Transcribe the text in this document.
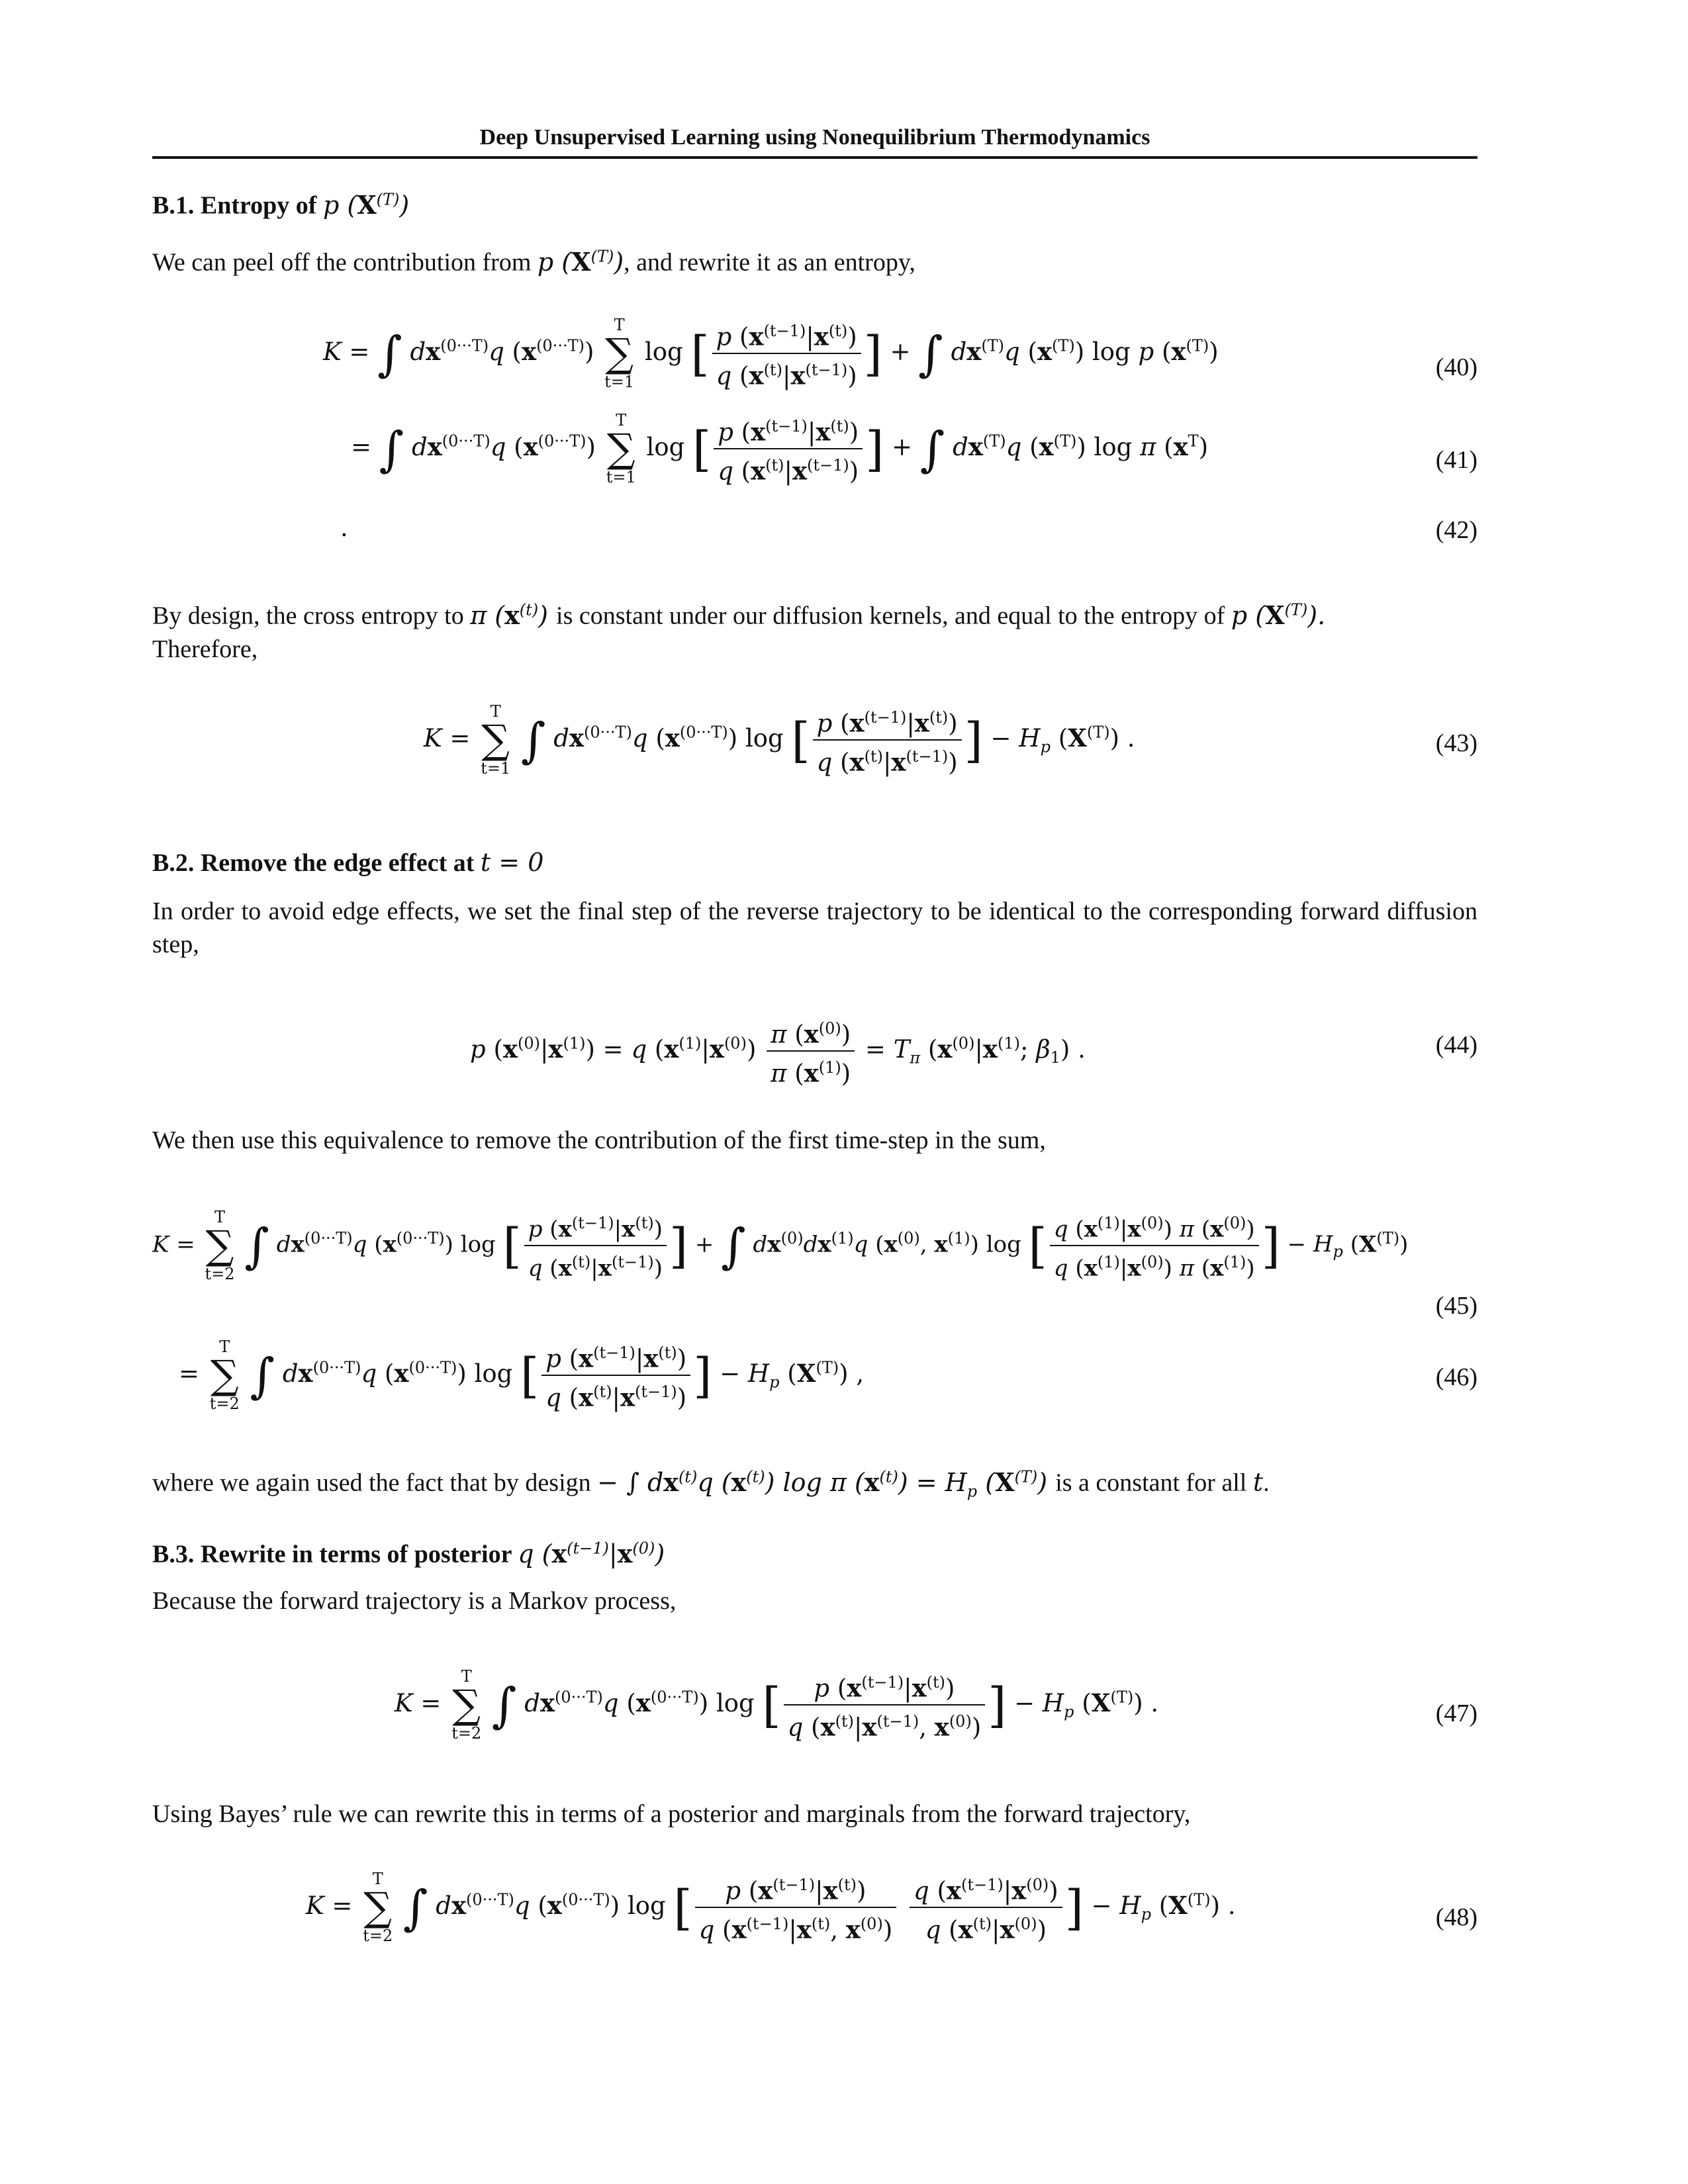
Deep Unsupervised Learning using Nonequilibrium Thermodynamics
B.1. Entropy of p $(X^{(T)})$
We can peel off the contribution from p $(X^{(T)})$, and rewrite it as an entropy,
K = ∫ $dx^{(0\cdot\cdot\cdot T)}q$ $(x^{(0\cdot\cdot\cdot T)})$ T
∑
t=1 log [ $\frac{p (x^{(t-1)}|x^{(t)})}{q (x^{(t)}|x^{(t-1)})}$ ] + ∫ $dx^{(T)}q$ $(x^{(T)})$ log p $(x^{(T)})$
(40)
= ∫ $dx^{(0\cdot\cdot\cdot T)}q$ $(x^{(0\cdot\cdot\cdot T)})$ T
∑
t=1 log [ $\frac{p (x^{(t-1)}|x^{(t)})}{q (x^{(t)}|x^{(t-1)})}$ ] + ∫ $dx^{(T)}q$ $(x^{(T)})$ log π $(x^T)$	(41)
.	(42)
By design, the cross entropy to π $(x^{(t)})$ is constant under our diffusion kernels, and equal to the entropy of p $(X^{(T)})$.
Therefore,
K = T
∑
t=1 ∫ $dx^{(0\cdot\cdot\cdot T)}q$ $(x^{(0\cdot\cdot\cdot T)})$ log [ $\frac{p (x^{(t-1)}|x^{(t)})}{q (x^{(t)}|x^{(t-1)})}$ ] − $H_p$ $(X^{(T)})$ .	(43)
B.2. Remove the edge effect at t = 0
In order to avoid edge effects, we set the final step of the reverse trajectory to be identical to the corresponding forward diffusion step,
p $(x^{(0)}|x^{(1)}) = q$ $(x^{(1)}|x^{(0)}) \frac{\pi (x^{(0)})}{\pi (x^{(1)})} = T_\pi$ ($x^{(0)}|x^{(1)}$; $\beta_1$) .	(44)
We then use this equivalence to remove the contribution of the first time-step in the sum,
K = T
∑
t=2 ∫ $dx^{(0\cdot\cdot\cdot T)}q$ $(x^{(0\cdot\cdot\cdot T)})$ log [ $\frac{p (x^{(t-1)}|x^{(t)})}{q (x^{(t)}|x^{(t-1)})}$ ] + ∫ $dx^{(0)}dx^{(1)}q$ ($x^{(0)}$, $x^{(1)}$) log [ $\frac{q (x^{(1)}|x^{(0)}) \pi (x^{(0)})}{q (x^{(1)}|x^{(0)}) \pi (x^{(1)})}$ ] − $H_p$ $(X^{(T)})$
(45)
= T
∑
t=2 ∫ $dx^{(0\cdot\cdot\cdot T)}q$ $(x^{(0\cdot\cdot\cdot T)})$ log [ $\frac{p (x^{(t-1)}|x^{(t)})}{q (x^{(t)}|x^{(t-1)})}$ ] − $H_p$ $(X^{(T)})$ ,	(46)
where we again used the fact that by design − ∫ $dx^{(t)}q$ $(x^{(t)})$ log π $(x^{(t)}) = H_p$ $(X^{(T)})$ is a constant for all t.
B.3. Rewrite in terms of posterior q $(x^{(t-1)}|x^{(0)})$
Because the forward trajectory is a Markov process,
K = T
∑
t=2 ∫ $dx^{(0\cdot\cdot\cdot T)}q$ $(x^{(0\cdot\cdot\cdot T)})$ log [ $\frac{p (x^{(t-1)}|x^{(t)})}{q (x^{(t)}|x^{(t-1)}, x^{(0)})}$ ] − $H_p$ $(X^{(T)})$ .	(47)
Using Bayes’ rule we can rewrite this in terms of a posterior and marginals from the forward trajectory,
K = T
∑
t=2 ∫ $dx^{(0\cdot\cdot\cdot T)}q$ $(x^{(0\cdot\cdot\cdot T)})$ log [ $\frac{p (x^{(t-1)}|x^{(t)})}{q (x^{(t-1)}|x^{(t)}, x^{(0)})}$
$\frac{q (x^{(t-1)}|x^{(0)})}{q (x^{(t)}|x^{(0)})}$ ] − $H_p$ $(X^{(T)})$ .	(48)
